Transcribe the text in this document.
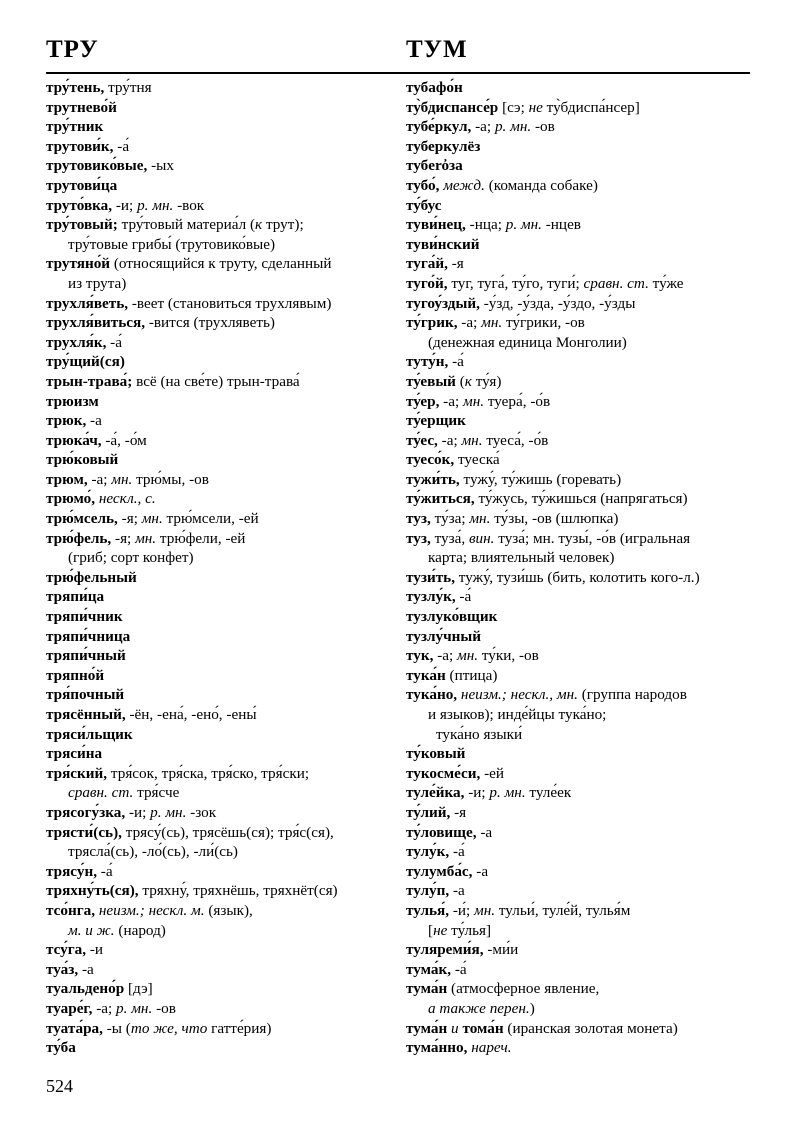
ТРУ	ТУМ
тру́тень, тру́тня
трутнево́й
тру́тник
трутови́к, -а́
трутовико́вые, -ых
трутови́ца
труто́вка, -и; р. мн. -вок
тру́товый; тру́товый материа́л (к трут);
тру́товые грибы́ (трутовико́вые)
трутяно́й (относящийся к труту, сделанный
из трута)
трухля́веть, -веет (становиться трухлявым)
трухля́виться, -вится (трухляветь)
трухля́к, -а́
тру́щий(ся)
трын-трава́; всё (на све́те) трын-трава́
трюизм
трюк, -а
трюка́ч, -а́, -о́м
трю́ковый
трюм, -а; мн. трю́мы, -ов
трюмо́, нескл., с.
трю́мсель, -я; мн. трю́мсели, -ей
трю́фель, -я; мн. трю́фели, -ей
(гриб; сорт конфет)
трю́фельный
тряпи́ца
тряпи́чник
тряпи́чница
тряпи́чный
тряпно́й
тря́почный
трясённый, -ён, -ена́, -ено́, -ены́
тряси́льщик
тряси́на
тря́ский, тря́сок, тря́ска, тря́ско, тря́ски;
сравн. ст. тря́сче
трясогу́зка, -и; р. мн. -зок
трясти́(сь), трясу́(сь), трясёшь(ся); тря́с(ся),
трясла́(сь), -ло́(сь), -ли́(сь)
трясу́н, -а́
тряхну́ть(ся), тряхну́, тряхнёшь, тряхнёт(ся)
тсо́нга, неизм.; нескл. м. (язык),
м. и ж. (народ)
тсу́га, -и
туа́з, -а
туальдено́р [дэ]
туаре́г, -а; р. мн. -ов
туата́ра, -ы (то же, что гатте́рия)
ту́ба
тубафо́н
ту̀бдиспансе́р [сэ; не ту̀бдиспа́нсер]
тубе́ркул, -а; р. мн. -ов
туберкулёз
тубero̓за
тубо́, межд. (команда собаке)
ту́бус
туви́нец, -нца; р. мн. -нцев
туви́нский
туга́й, -я
туго́й, туг, туга́, ту́го, туги́; сравн. ст. ту́же
тугоу́здый, -у́зд, -у́зда, -у́здо, -у́зды
ту́грик, -а; мн. ту́грики, -ов
(денежная единица Монголии)
туту́н, -а́
ту́евый (к ту́я)
ту́ер, -а; мн. туера́, -о́в
ту́ерщик
ту́ес, -а; мн. туеса́, -о́в
туесо́к, туеска́
тужи́ть, тужу́, ту́жишь (горевать)
ту́житься, ту́жусь, ту́жишься (напрягаться)
туз, ту́за; мн. ту́зы, -ов (шлюпка)
туз, туза́, вин. туза́; мн. тузы́, -о́в (игральная
карта; влиятельный человек)
тузи́ть, тужу́, тузи́шь (бить, колотить кого-л.)
тузлу́к, -а́
тузлуко́вщик
тузлу́чный
тук, -а; мн. ту́ки, -ов
тука́н (птица)
тука́но, неизм.; нескл., мн. (группа народов
и языков); инде́йцы тука́но;
тука́но языки́
ту́ковый
тукосме́си, -ей
туле́йка, -и; р. мн. туле́ек
ту́лий, -я
ту́ловище, -а
тулу́к, -а́
тулумба́с, -а
тулу́п, -а
тулья́, -и́; мн. тульи́, туле́й, тулья́м
[не ту́лья]
туляреми́я, -ми́и
тума́к, -а́
тума́н (атмосферное явление,
а также перен.)
тума́н и тома́н (иранская золотая монета)
тума́нно, нареч.
524
